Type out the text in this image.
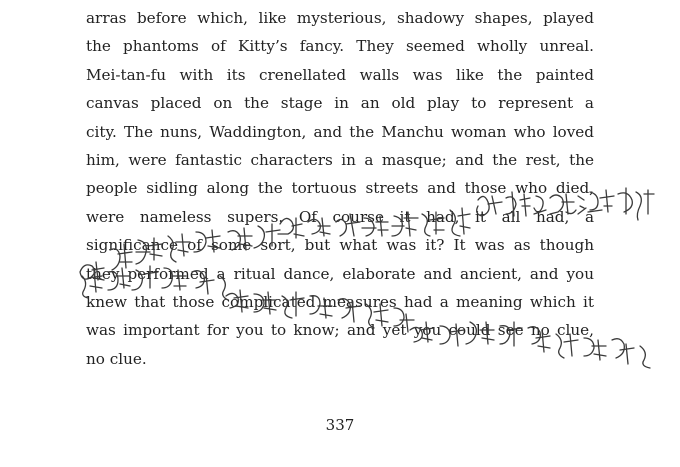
arras before which, like mysterious, shadowy shapes, played
the phantoms of Kitty’s fancy. They seemed wholly unreal.
Mei-tan-fu with its crenellated walls was like the painted
canvas placed on the stage in an old play to represent a
city. The nuns, Waddington, and the Manchu woman who loved
him, were fantastic characters in a masque; and the rest, the
people sidling along the tortuous streets and those who died,
were nameless supers. Of course it had, it all had, a
significance of some sort, but what was it? It was as though
they performed a ritual dance, elaborate and ancient, and you
knew that those complicated measures had a meaning which it
was important for you to know; and yet you could see no clue,
no clue.
337
